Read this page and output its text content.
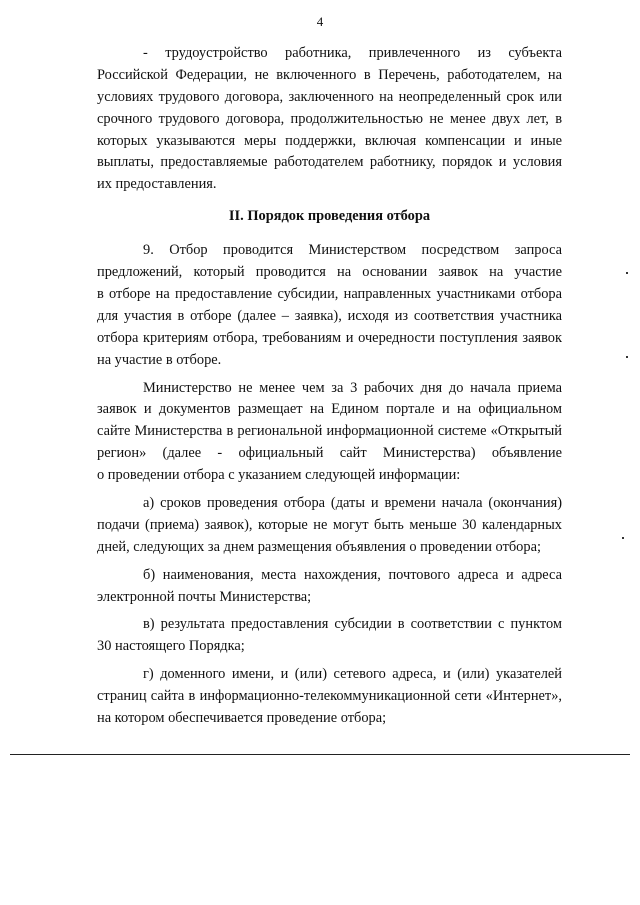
4
- трудоустройство работника, привлеченного из субъекта
Российской Федерации, не включенного в Перечень, работодателем, на
условиях трудового договора, заключенного на неопределенный срок или
срочного трудового договора, продолжительностью не менее двух лет, в
которых указываются меры поддержки, включая компенсации и иные
выплаты, предоставляемые работодателем работнику, порядок и условия
их предоставления.
II. Порядок проведения отбора
9. Отбор проводится Министерством посредством запроса
предложений, который проводится на основании заявок на участие
в отборе на предоставление субсидии, направленных участниками отбора
для участия в отборе (далее – заявка), исходя из соответствия участника
отбора критериям отбора, требованиям и очередности поступления заявок
на участие в отборе.
Министерство не менее чем за 3 рабочих дня до начала приема
заявок и документов размещает на Едином портале и на официальном
сайте Министерства в региональной информационной системе «Открытый
регион» (далее - официальный сайт Министерства) объявление
о проведении отбора с указанием следующей информации:
а) сроков проведения отбора (даты и времени начала (окончания)
подачи (приема) заявок), которые не могут быть меньше 30 календарных
дней, следующих за днем размещения объявления о проведении отбора;
б) наименования, места нахождения, почтового адреса и адреса
электронной почты Министерства;
в) результата предоставления субсидии в соответствии с пунктом
30 настоящего Порядка;
г) доменного имени, и (или) сетевого адреса, и (или) указателей
страниц сайта в информационно-телекоммуникационной сети «Интернет»,
на котором обеспечивается проведение отбора;
